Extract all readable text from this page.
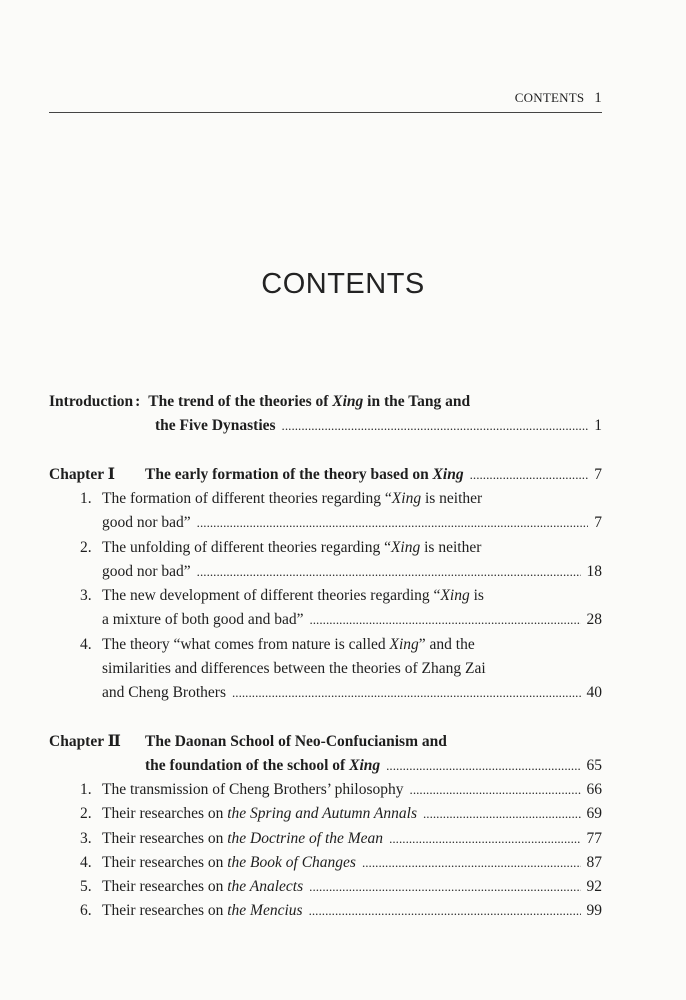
CONTENTS 1
CONTENTS
Introduction : The trend of the theories of Xing in the Tang and
the Five Dynasties . . .	1
Chapter Ⅰ The early formation of the theory based on Xing . . .	7
1. The formation of different theories regarding “Xing is neither
good nor bad” . . .	7
2. The unfolding of different theories regarding “Xing is neither
good nor bad” . . .	18
3. The new development of different theories regarding “Xing is
a mixture of both good and bad” . . .	28
4. The theory “what comes from nature is called Xing” and the
similarities and differences between the theories of Zhang Zai
and Cheng Brothers . . .	40
Chapter Ⅱ The Daonan School of Neo-Confucianism and
the foundation of the school of Xing . . .	65
1. The transmission of Cheng Brothers’ philosophy . . .	66
2. Their researches on the Spring and Autumn Annals . . .	69
3. Their researches on the Doctrine of the Mean . . .	77
4. Their researches on the Book of Changes . . .	87
5. Their researches on the Analects . . .	92
6. Their researches on the Mencius . . .	99
